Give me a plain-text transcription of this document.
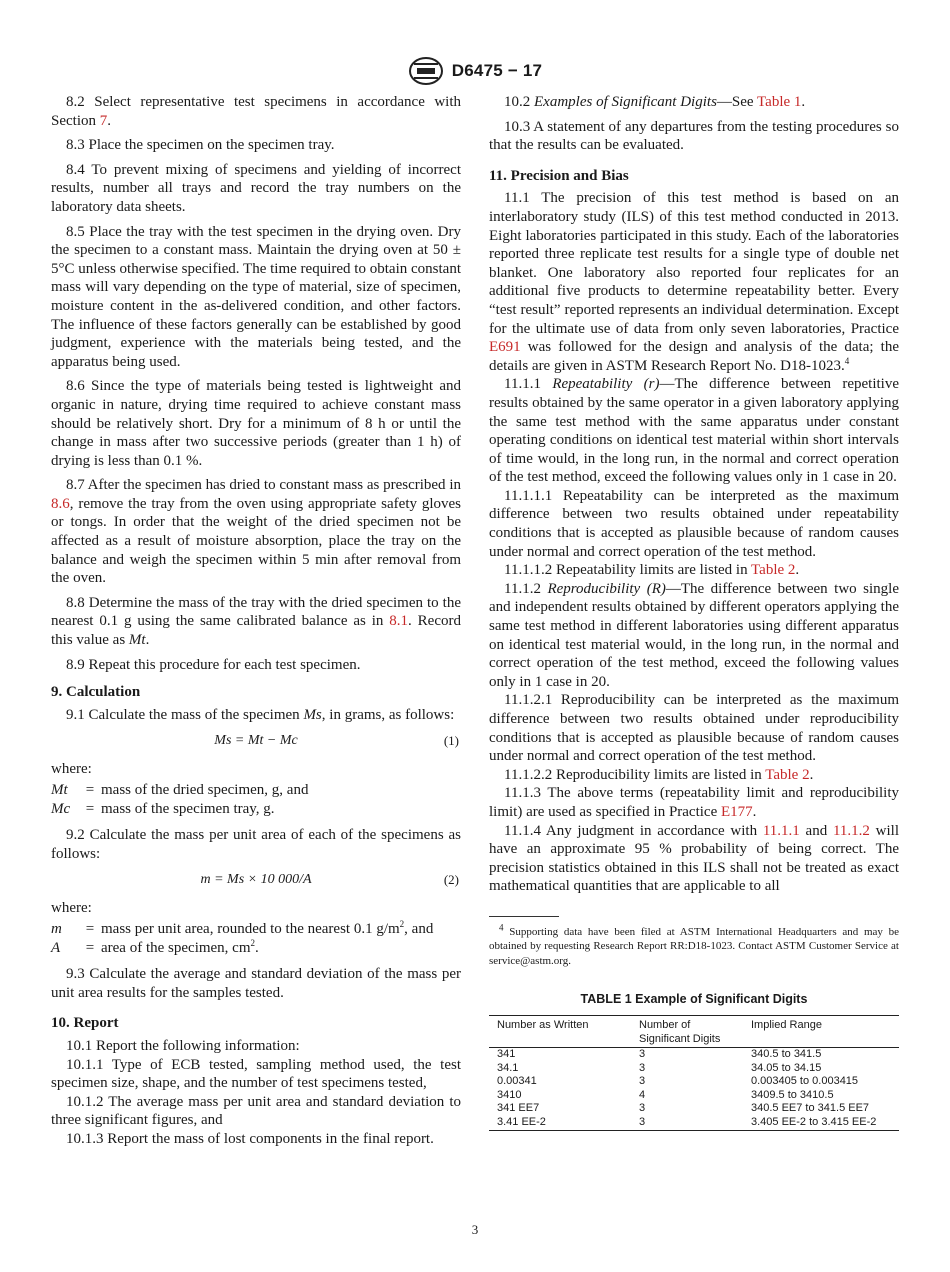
D6475 − 17

8.2 Select representative test specimens in accordance with Section 7.

8.3 Place the specimen on the specimen tray.

8.4 To prevent mixing of specimens and yielding of incorrect results, number all trays and record the tray numbers on the laboratory data sheets.

8.5 Place the tray with the test specimen in the drying oven. Dry the specimen to a constant mass. Maintain the drying oven at 50 ± 5°C unless otherwise specified. The time required to obtain constant mass will vary depending on the type of material, size of specimen, moisture content in the as-delivered condition, and other factors. The influence of these factors generally can be established by good judgment, experience with the materials being tested, and the apparatus being used.

8.6 Since the type of materials being tested is lightweight and organic in nature, drying time required to achieve constant mass should be relatively short. Dry for a minimum of 8 h or until the change in mass after two successive periods (greater than 1 h) of drying is less than 0.1 %.

8.7 After the specimen has dried to constant mass as prescribed in 8.6, remove the tray from the oven using appropriate safety gloves or tongs. In order that the weight of the dried specimen not be affected as a result of moisture absorption, place the tray on the balance and weigh the specimen within 5 min after removal from the oven.

8.8 Determine the mass of the tray with the dried specimen to the nearest 0.1 g using the same calibrated balance as in 8.1. Record this value as Mt.

8.9 Repeat this procedure for each test specimen.

9. Calculation

9.1 Calculate the mass of the specimen Ms, in grams, as follows:

Ms = Mt − Mc	(1)

where:

Mt	= mass of the dried specimen, g, and
Mc	= mass of the specimen tray, g.

9.2 Calculate the mass per unit area of each of the specimens as follows:

m = Ms × 10 000/A	(2)

where:

m	= mass per unit area, rounded to the nearest 0.1 $g/m^2$, and
A	= area of the specimen, $cm^2$.

9.3 Calculate the average and standard deviation of the mass per unit area results for the samples tested.

10. Report

10.1 Report the following information:

10.1.1 Type of ECB tested, sampling method used, the test specimen size, shape, and the number of test specimens tested,

10.1.2 The average mass per unit area and standard deviation to three significant figures, and

10.1.3 Report the mass of lost components in the final report.

10.2 Examples of Significant Digits—See Table 1.

10.3 A statement of any departures from the testing procedures so that the results can be evaluated.

11. Precision and Bias

11.1 The precision of this test method is based on an interlaboratory study (ILS) of this test method conducted in 2013. Eight laboratories participated in this study. Each of the laboratories reported three replicate test results for a single type of double net blanket. One laboratory also reported four replicates for an additional five products to determine repeatability better. Every “test result” reported represents an individual determination. Except for the ultimate use of data from only seven laboratories, Practice E691 was followed for the design and analysis of the data; the details are given in ASTM Research Report No. D18-1023.$^4$

11.1.1 Repeatability (r)—The difference between repetitive results obtained by the same operator in a given laboratory applying the same test method with the same apparatus under constant operating conditions on identical test material within short intervals of time would, in the long run, in the normal and correct operation of the test method, exceed the following values only in 1 case in 20.

11.1.1.1 Repeatability can be interpreted as the maximum difference between two results obtained under repeatability conditions that is accepted as plausible because of random causes under normal and correct operation of the test method.

11.1.1.2 Repeatability limits are listed in Table 2.

11.1.2 Reproducibility (R)—The difference between two single and independent results obtained by different operators applying the same test method in different laboratories using different apparatus on identical test material would, in the long run, in the normal and correct operation of the test method, exceed the following values only in 1 case in 20.

11.1.2.1 Reproducibility can be interpreted as the maximum difference between two results obtained under reproducibility conditions that is accepted as plausible because of random causes under normal and correct operation of the test method.

11.1.2.2 Reproducibility limits are listed in Table 2.

11.1.3 The above terms (repeatability limit and reproducibility limit) are used as specified in Practice E177.

11.1.4 Any judgment in accordance with 11.1.1 and 11.1.2 will have an approximate 95 % probability of being correct. The precision statistics obtained in this ILS shall not be treated as exact mathematical quantities that are applicable to all

$^4$ Supporting data have been filed at ASTM International Headquarters and may be obtained by requesting Research Report RR:D18-1023. Contact ASTM Customer Service at service@astm.org.

TABLE 1 Example of Significant Digits

Number as Written	Number of Significant Digits	Implied Range
341	3	340.5 to 341.5
34.1	3	34.05 to 34.15
0.00341	3	0.003405 to 0.003415
3410	4	3409.5 to 3410.5
341 EE7	3	340.5 EE7 to 341.5 EE7
3.41 EE-2	3	3.405 EE-2 to 3.415 EE-2
3
